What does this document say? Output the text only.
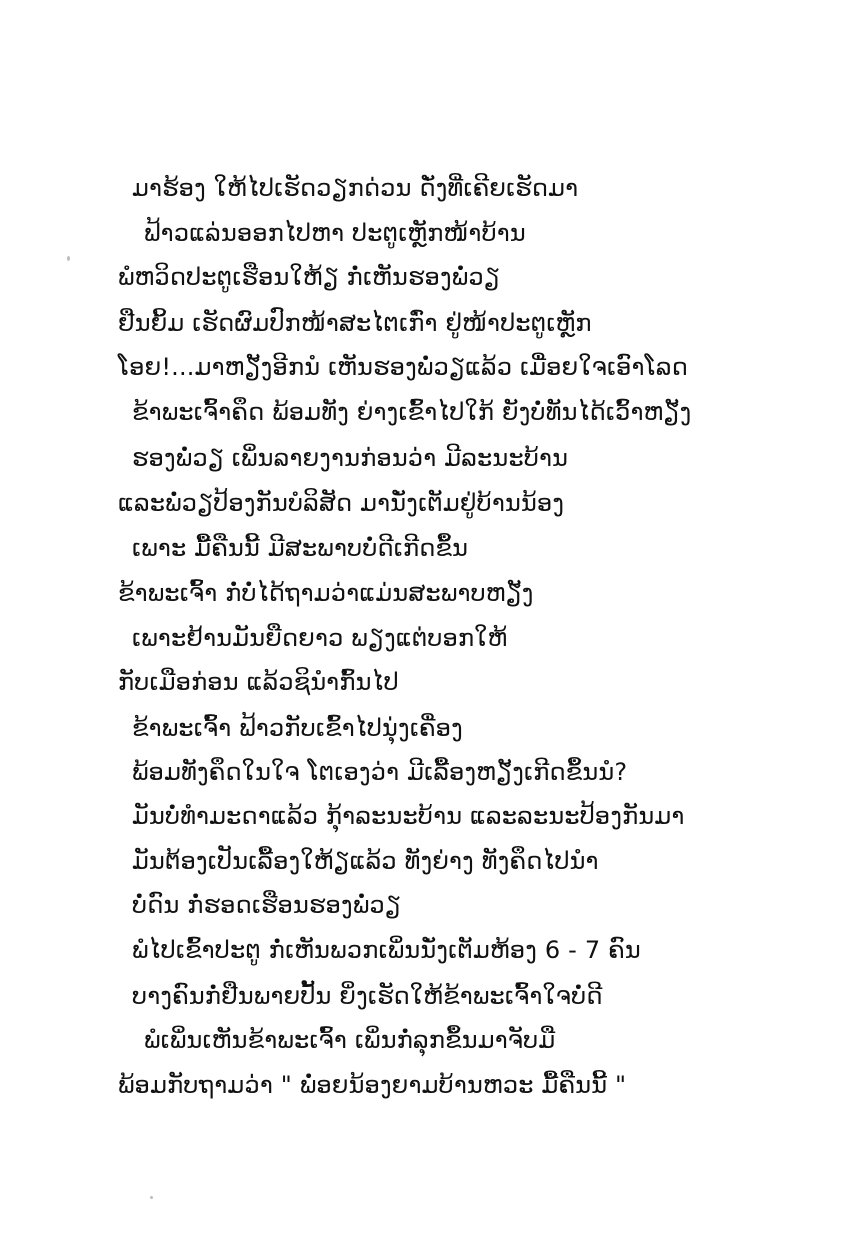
ມາຮ້ອງ ໃຫ້ໄປເຮັດວຽກດ່ວນ ດັ່ງທີ່ເຄີຍເຮັດມາ
ຟ້າວແລ່ນອອກໄປຫາ ປະຕູເຫຼັກໜ້າບ້ານ
ພໍຫວິດປະຕູເຮືອນໃຫ້ຽ ກໍ່ເຫັນຮອງພໍ່ວຽ
ຢືນຍິ້ມ ເຮັດຜົມປົກໜ້າສະໄຕເກົ່າ ຢູ່ໜ້າປະຕູເຫຼັກ
ໂອຍ!...ມາຫຽັງອີກນໍ ເຫັນຮອງພໍ່ວຽແລ້ວ ເມື່ອຍໃຈເອົາໂລດ
ຂ້າພະເຈົ້າຄຶດ ພ້ອມທັງ ຍ່າງເຂົ້າໄປໃກ້ ຍັງບໍ່ທັນໄດ້ເວົ້າຫຽັງ
ຮອງພໍ່ວຽ ເພິ່ນລາຍງານກ່ອນວ່າ ມີລະນະບ້ານ
ແລະພໍ່ວຽປ້ອງກັນບໍລິສັດ ມານັ່ງເຕັມຢູ່ບ້ານນ້ອງ
ເພາະ ມື້ຄືນນີ້ ມີສະພາບບໍ່ດີເກີດຂຶ້ນ
ຂ້າພະເຈົ້າ ກໍ່ບໍ່ໄດ້ຖາມວ່າແມ່ນສະພາບຫຽັງ
ເພາະຢ້ານມັນຍືດຍາວ ພຽງແຕ່ບອກໃຫ້
ກັບເມືອກ່ອນ ແລ້ວຊິນຳກົ້ນໄປ
ຂ້າພະເຈົ້າ ຟ້າວກັບເຂົ້າໄປນຸ່ງເຄື່ອງ
ພ້ອມທັງຄຶດໃນໃຈ ໂຕເອງວ່າ ມີເລື້ອງຫຽັງເກີດຂຶ້ນນໍ?
ມັນບໍ່ທຳມະດາແລ້ວ ກຸ້າລະນະບ້ານ ແລະລະນະປ້ອງກັນມາ
ມັນຕ້ອງເປັນເລື້ອງໃຫ້ຽແລ້ວ ທັງຍ່າງ ທັງຄຶດໄປນຳ
ບໍ່ດົນ ກໍ່ຮອດເຮືອນຮອງພໍ່ວຽ
ພໍໄປເຂົ້າປະຕູ ກໍ່ເຫັນພວກເພິ່ນນັ່ງເຕັມຫ້ອງ 6 - 7 ຄົນ
ບາງຄົນກໍ່ຢືນພາຍປັ້ນ ຍິ່ງເຮັດໃຫ້ຂ້າພະເຈົ້າໃຈບໍ່ດີ
ພໍເພິ່ນເຫັນຂ້າພະເຈົ້າ ເພິ່ນກໍ່ລຸກຂຶ້ນມາຈັບມື
ພ້ອມກັບຖາມວ່າ " ພໍ່ອຍນ້ອງຍາມບ້ານຫວະ ມື້ຄືນນີ້ "
